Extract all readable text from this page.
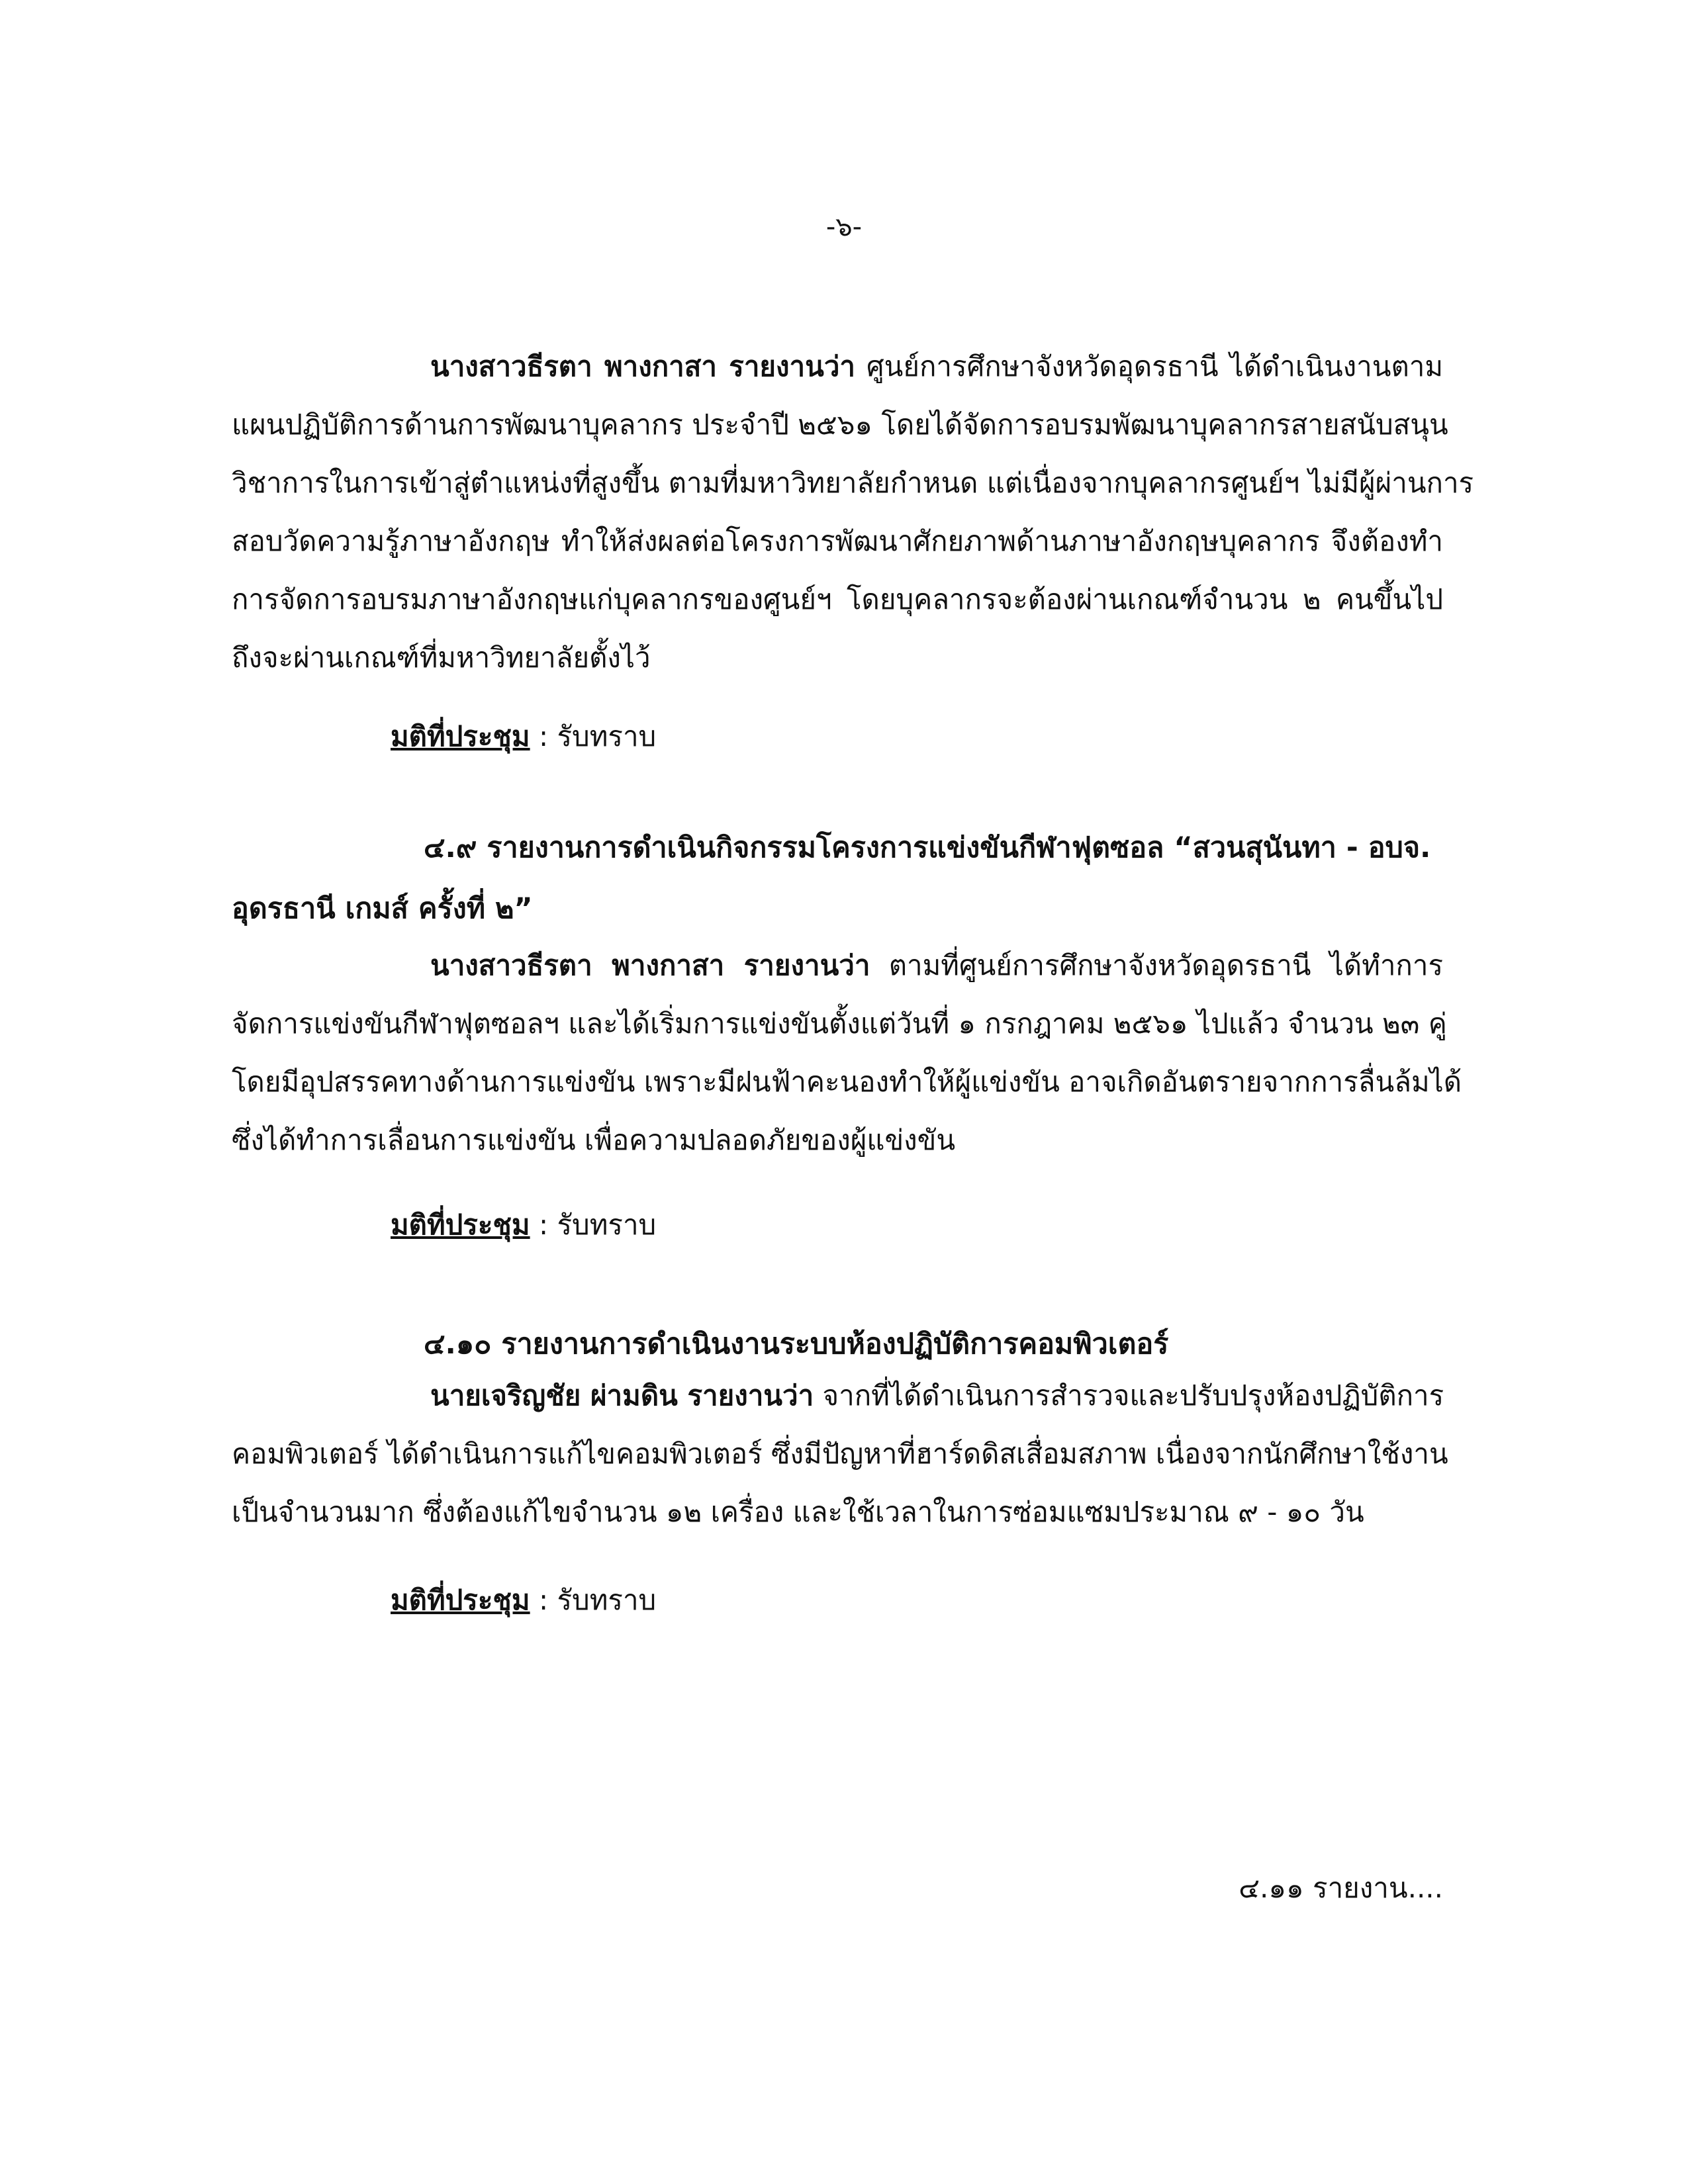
-๖-
นางสาวธีรตา พางกาสา รายงานว่า ศูนย์การศึกษาจังหวัดอุดรธานี ได้ดำเนินงานตาม
แผนปฏิบัติการด้านการพัฒนาบุคลากร ประจำปี ๒๕๖๑ โดยได้จัดการอบรมพัฒนาบุคลากรสายสนับสนุน
วิชาการในการเข้าสู่ตำแหน่งที่สูงขึ้น ตามที่มหาวิทยาลัยกำหนด แต่เนื่องจากบุคลากรศูนย์ฯ ไม่มีผู้ผ่านการ
สอบวัดความรู้ภาษาอังกฤษ ทำให้ส่งผลต่อโครงการพัฒนาศักยภาพด้านภาษาอังกฤษบุคลากร จึงต้องทำ
การจัดการอบรมภาษาอังกฤษแก่บุคลากรของศูนย์ฯ โดยบุคลากรจะต้องผ่านเกณฑ์จำนวน ๒ คนขึ้นไป
ถึงจะผ่านเกณฑ์ที่มหาวิทยาลัยตั้งไว้
มติที่ประชุม : รับทราบ
๔.๙ รายงานการดำเนินกิจกรรมโครงการแข่งขันกีฬาฟุตซอล “สวนสุนันทา - อบจ.
อุดรธานี เกมส์ ครั้งที่ ๒”
นางสาวธีรตา พางกาสา รายงานว่า ตามที่ศูนย์การศึกษาจังหวัดอุดรธานี ได้ทำการ
จัดการแข่งขันกีฬาฟุตซอลฯ และได้เริ่มการแข่งขันตั้งแต่วันที่ ๑ กรกฎาคม ๒๕๖๑ ไปแล้ว จำนวน ๒๓ คู่
โดยมีอุปสรรคทางด้านการแข่งขัน เพราะมีฝนฟ้าคะนองทำให้ผู้แข่งขัน อาจเกิดอันตรายจากการลื่นล้มได้
ซึ่งได้ทำการเลื่อนการแข่งขัน เพื่อความปลอดภัยของผู้แข่งขัน
มติที่ประชุม : รับทราบ
๔.๑๐ รายงานการดำเนินงานระบบห้องปฏิบัติการคอมพิวเตอร์
นายเจริญชัย ผ่ามดิน รายงานว่า จากที่ได้ดำเนินการสำรวจและปรับปรุงห้องปฏิบัติการ
คอมพิวเตอร์ ได้ดำเนินการแก้ไขคอมพิวเตอร์ ซึ่งมีปัญหาที่ฮาร์ดดิสเสื่อมสภาพ เนื่องจากนักศึกษาใช้งาน
เป็นจำนวนมาก ซึ่งต้องแก้ไขจำนวน ๑๒ เครื่อง และใช้เวลาในการซ่อมแซมประมาณ ๙ - ๑๐ วัน
มติที่ประชุม : รับทราบ
๔.๑๑ รายงาน....
